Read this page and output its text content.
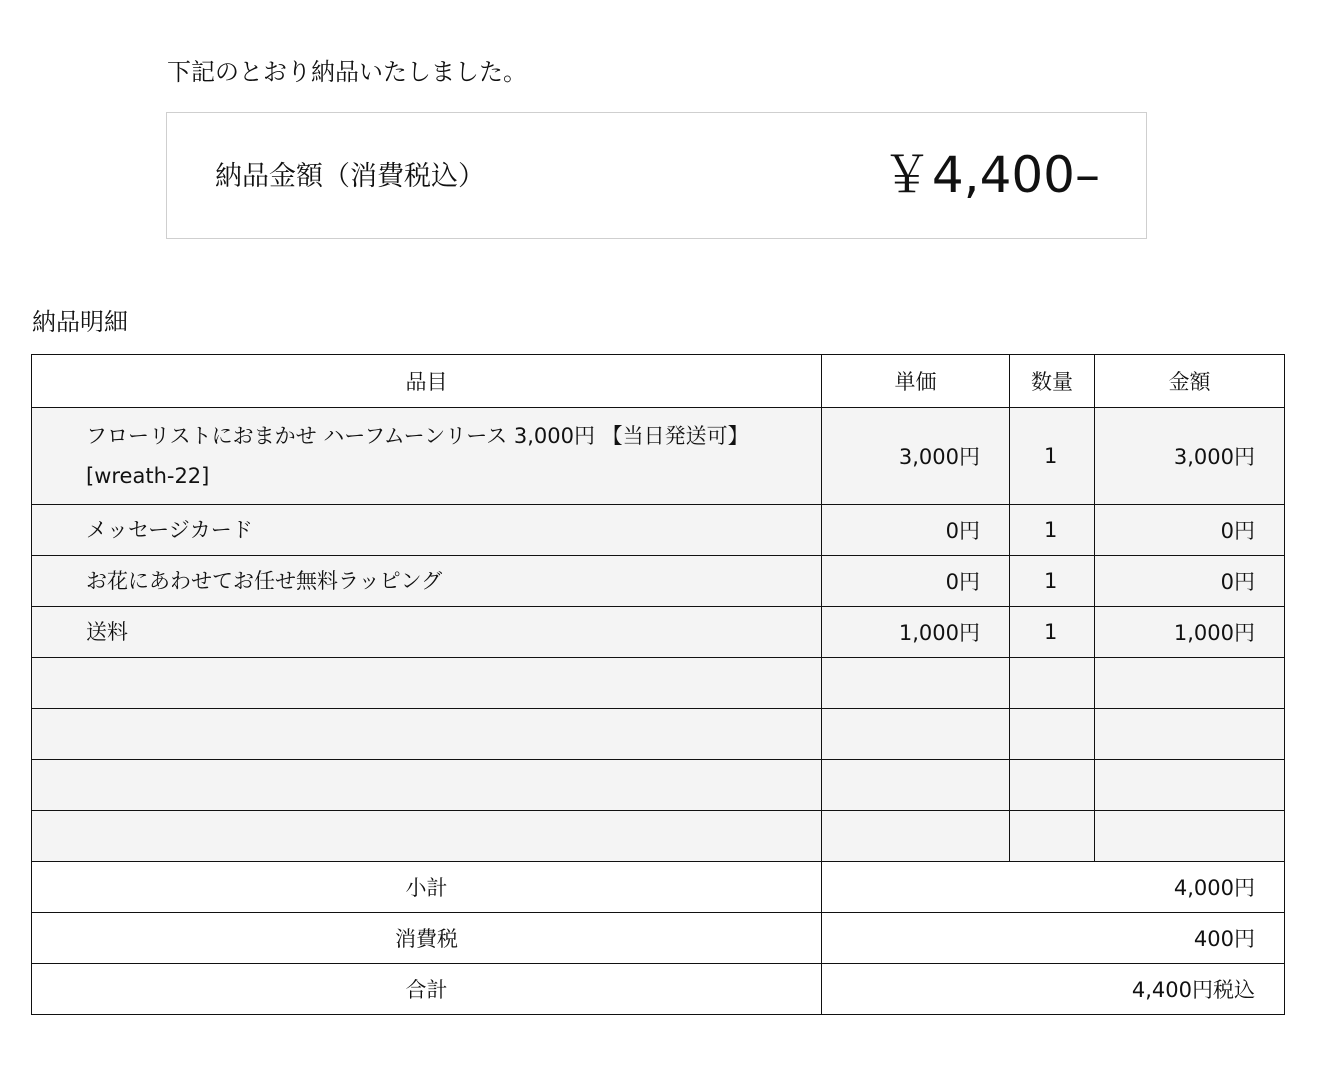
下記のとおり納品いたしました。
納品金額（消費税込）	￥4,400–
納品明細
品目	単価	数量	金額
フローリストにおまかせ ハーフムーンリース 3,000円 【当日発送可】 [wreath-22]	3,000円	1	3,000円
メッセージカード	0円	1	0円
お花にあわせてお任せ無料ラッピング	0円	1	0円
送料	1,000円	1	1,000円

小計	4,000円		
消費税	400円		
合計	4,400円税込		
